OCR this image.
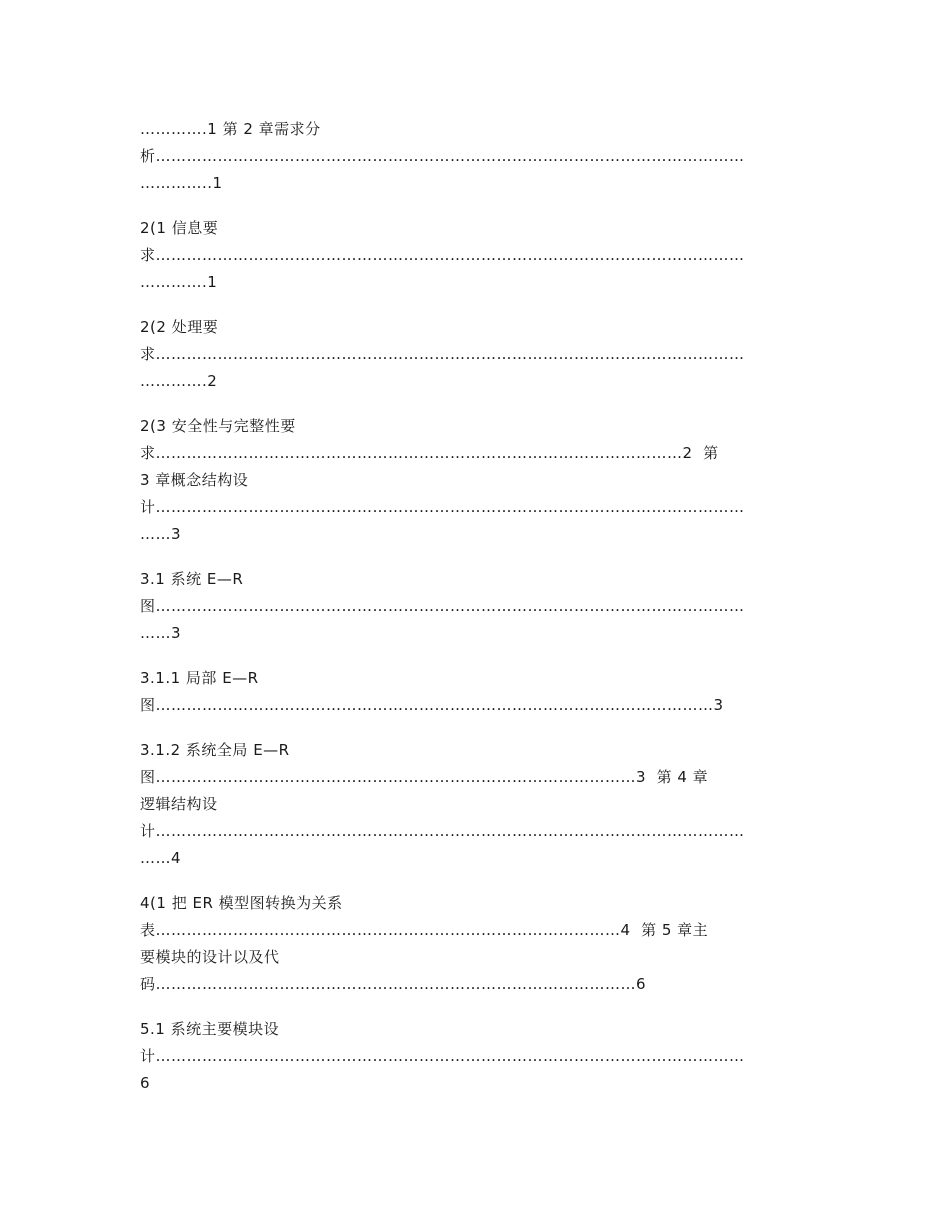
………….1 第 2 章需求分
析……………………………………………………………………………………………………
…………..1
2(1 信息要
求……………………………………………………………………………………………………
………….1
2(2 处理要
求……………………………………………………………………………………………………
………….2
2(3 安全性与完整性要
求…………………………………………………………………………………………2  第
3 章概念结构设
计……………………………………………………………………………………………………
……3
3.1 系统 E—R
图……………………………………………………………………………………………………
……3
3.1.1 局部 E—R
图………………………………………………………………………………………………3
3.1.2 系统全局 E—R
图…………………………………………………………………………………3  第 4 章
逻辑结构设
计……………………………………………………………………………………………………
……4
4(1 把 ER 模型图转换为关系
表………………………………………………………………………………4  第 5 章主
要模块的设计以及代
码…………………………………………………………………………………6
5.1 系统主要模块设
计……………………………………………………………………………………………………
6
